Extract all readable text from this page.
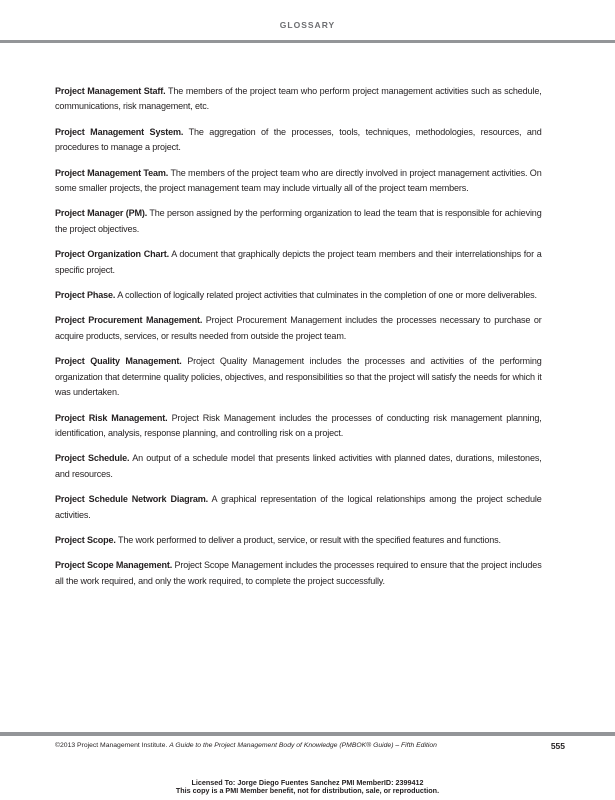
GLOSSARY

Project Management Staff. The members of the project team who perform project management activities such as schedule, communications, risk management, etc.

Project Management System. The aggregation of the processes, tools, techniques, methodologies, resources, and procedures to manage a project.

Project Management Team. The members of the project team who are directly involved in project management activities. On some smaller projects, the project management team may include virtually all of the project team members.

Project Manager (PM). The person assigned by the performing organization to lead the team that is responsible for achieving the project objectives.

Project Organization Chart. A document that graphically depicts the project team members and their interrelationships for a specific project.

Project Phase. A collection of logically related project activities that culminates in the completion of one or more deliverables.

Project Procurement Management. Project Procurement Management includes the processes necessary to purchase or acquire products, services, or results needed from outside the project team.

Project Quality Management. Project Quality Management includes the processes and activities of the performing organization that determine quality policies, objectives, and responsibilities so that the project will satisfy the needs for which it was undertaken.

Project Risk Management. Project Risk Management includes the processes of conducting risk management planning, identification, analysis, response planning, and controlling risk on a project.

Project Schedule. An output of a schedule model that presents linked activities with planned dates, durations, milestones, and resources.

Project Schedule Network Diagram. A graphical representation of the logical relationships among the project schedule activities.

Project Scope. The work performed to deliver a product, service, or result with the specified features and functions.

Project Scope Management. Project Scope Management includes the processes required to ensure that the project includes all the work required, and only the work required, to complete the project successfully.

©2013 Project Management Institute. A Guide to the Project Management Body of Knowledge (PMBOK® Guide) – Fifth Edition	555
Licensed To: Jorge Diego Fuentes Sanchez PMI MemberID: 2399412
This copy is a PMI Member benefit, not for distribution, sale, or reproduction.
